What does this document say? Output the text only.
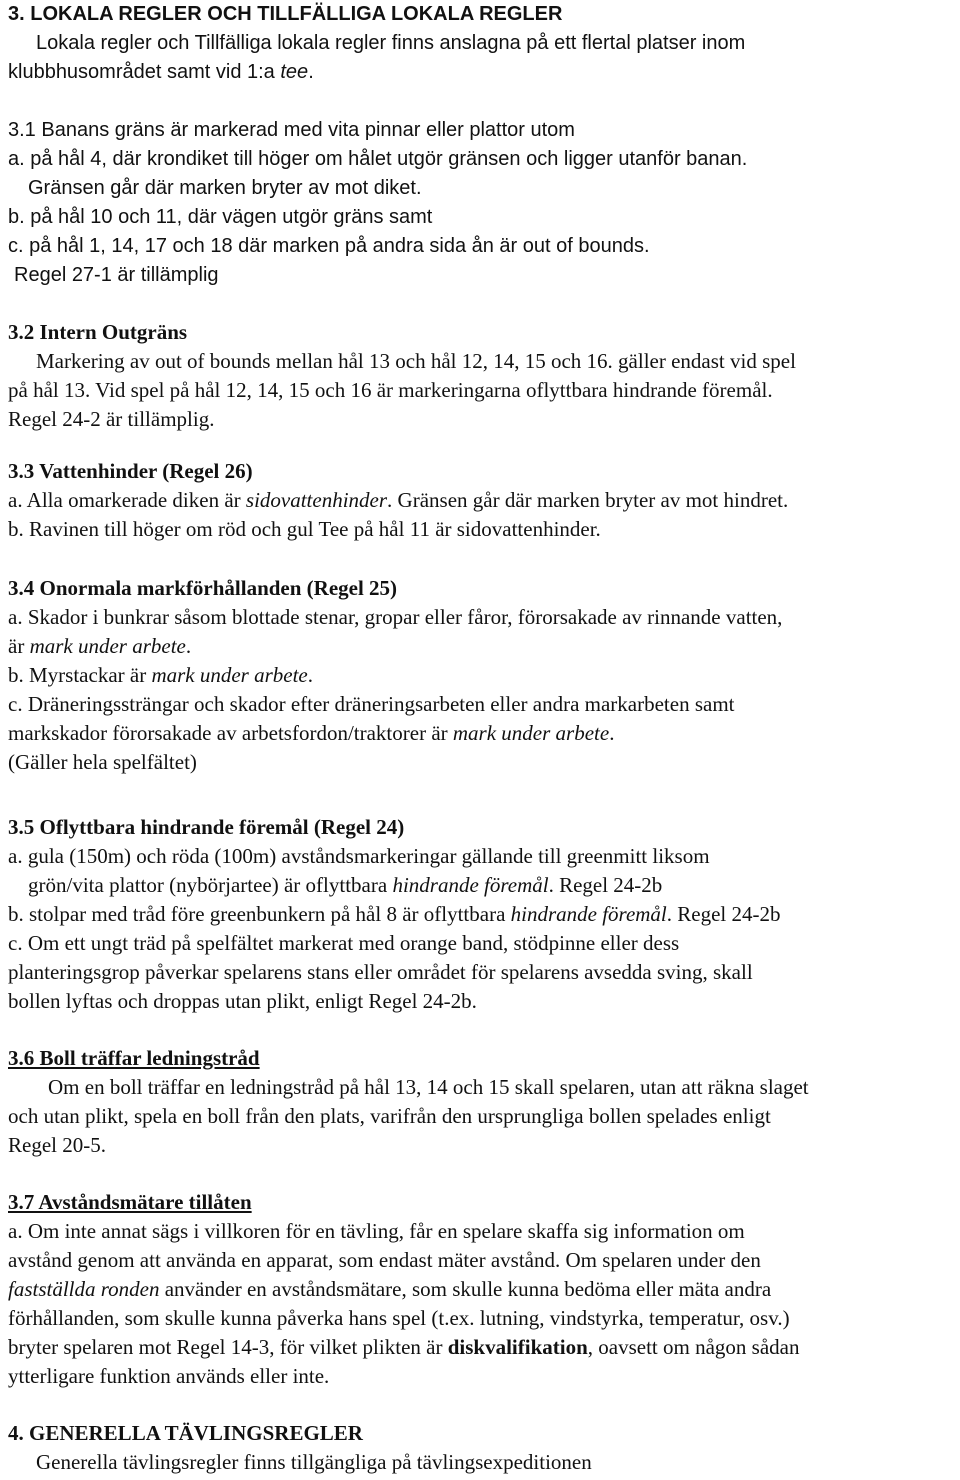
3. LOKALA REGLER OCH TILLFÄLLIGA LOKALA REGLER
Lokala regler och Tillfälliga lokala regler finns anslagna på ett flertal platser inom
klubbhusområdet samt vid 1:a tee.
3.1 Banans gräns är markerad med vita pinnar eller plattor utom
a. på hål 4, där krondiket till höger om hålet utgör gränsen och ligger utanför banan.
Gränsen går där marken bryter av mot diket.
b. på hål 10 och 11, där vägen utgör gräns samt
c. på hål 1, 14, 17 och 18 där marken på andra sida ån är out of bounds.
Regel 27-1 är tillämplig
3.2 Intern Outgräns
Markering av out of bounds mellan hål 13 och hål 12, 14, 15 och 16. gäller endast vid spel
på hål 13. Vid spel på hål 12, 14, 15 och 16 är markeringarna oflyttbara hindrande föremål.
Regel 24-2 är tillämplig.
3.3 Vattenhinder (Regel 26)
a. Alla omarkerade diken är sidovattenhinder. Gränsen går där marken bryter av mot hindret.
b. Ravinen till höger om röd och gul Tee på hål 11 är sidovattenhinder.
3.4 Onormala markförhållanden (Regel 25)
a. Skador i bunkrar såsom blottade stenar, gropar eller fåror, förorsakade av rinnande vatten,
är mark under arbete.
b. Myrstackar är mark under arbete.
c. Dräneringssträngar och skador efter dräneringsarbeten eller andra markarbeten samt
markskador förorsakade av arbetsfordon/traktorer är mark under arbete.
(Gäller hela spelfältet)
3.5 Oflyttbara hindrande föremål (Regel 24)
a. gula (150m) och röda (100m) avståndsmarkeringar gällande till greenmitt liksom
grön/vita plattor (nybörjartee) är oflyttbara hindrande föremål. Regel 24-2b
b. stolpar med tråd före greenbunkern på hål 8 är oflyttbara hindrande föremål. Regel 24-2b
c. Om ett ungt träd på spelfältet markerat med orange band, stödpinne eller dess
planteringsgrop påverkar spelarens stans eller området för spelarens avsedda sving, skall
bollen lyftas och droppas utan plikt, enligt Regel 24-2b.
3.6 Boll träffar ledningstråd
Om en boll träffar en ledningstråd på hål 13, 14 och 15 skall spelaren, utan att räkna slaget
och utan plikt, spela en boll från den plats, varifrån den ursprungliga bollen spelades enligt
Regel 20-5.
3.7 Avståndsmätare tillåten
a. Om inte annat sägs i villkoren för en tävling, får en spelare skaffa sig information om
avstånd genom att använda en apparat, som endast mäter avstånd. Om spelaren under den
fastställda ronden använder en avståndsmätare, som skulle kunna bedöma eller mäta andra
förhållanden, som skulle kunna påverka hans spel (t.ex. lutning, vindstyrka, temperatur, osv.)
bryter spelaren mot Regel 14-3, för vilket plikten är diskvalifikation, oavsett om någon sådan
ytterligare funktion används eller inte.
4. GENERELLA TÄVLINGSREGLER
Generella tävlingsregler finns tillgängliga på tävlingsexpeditionen
